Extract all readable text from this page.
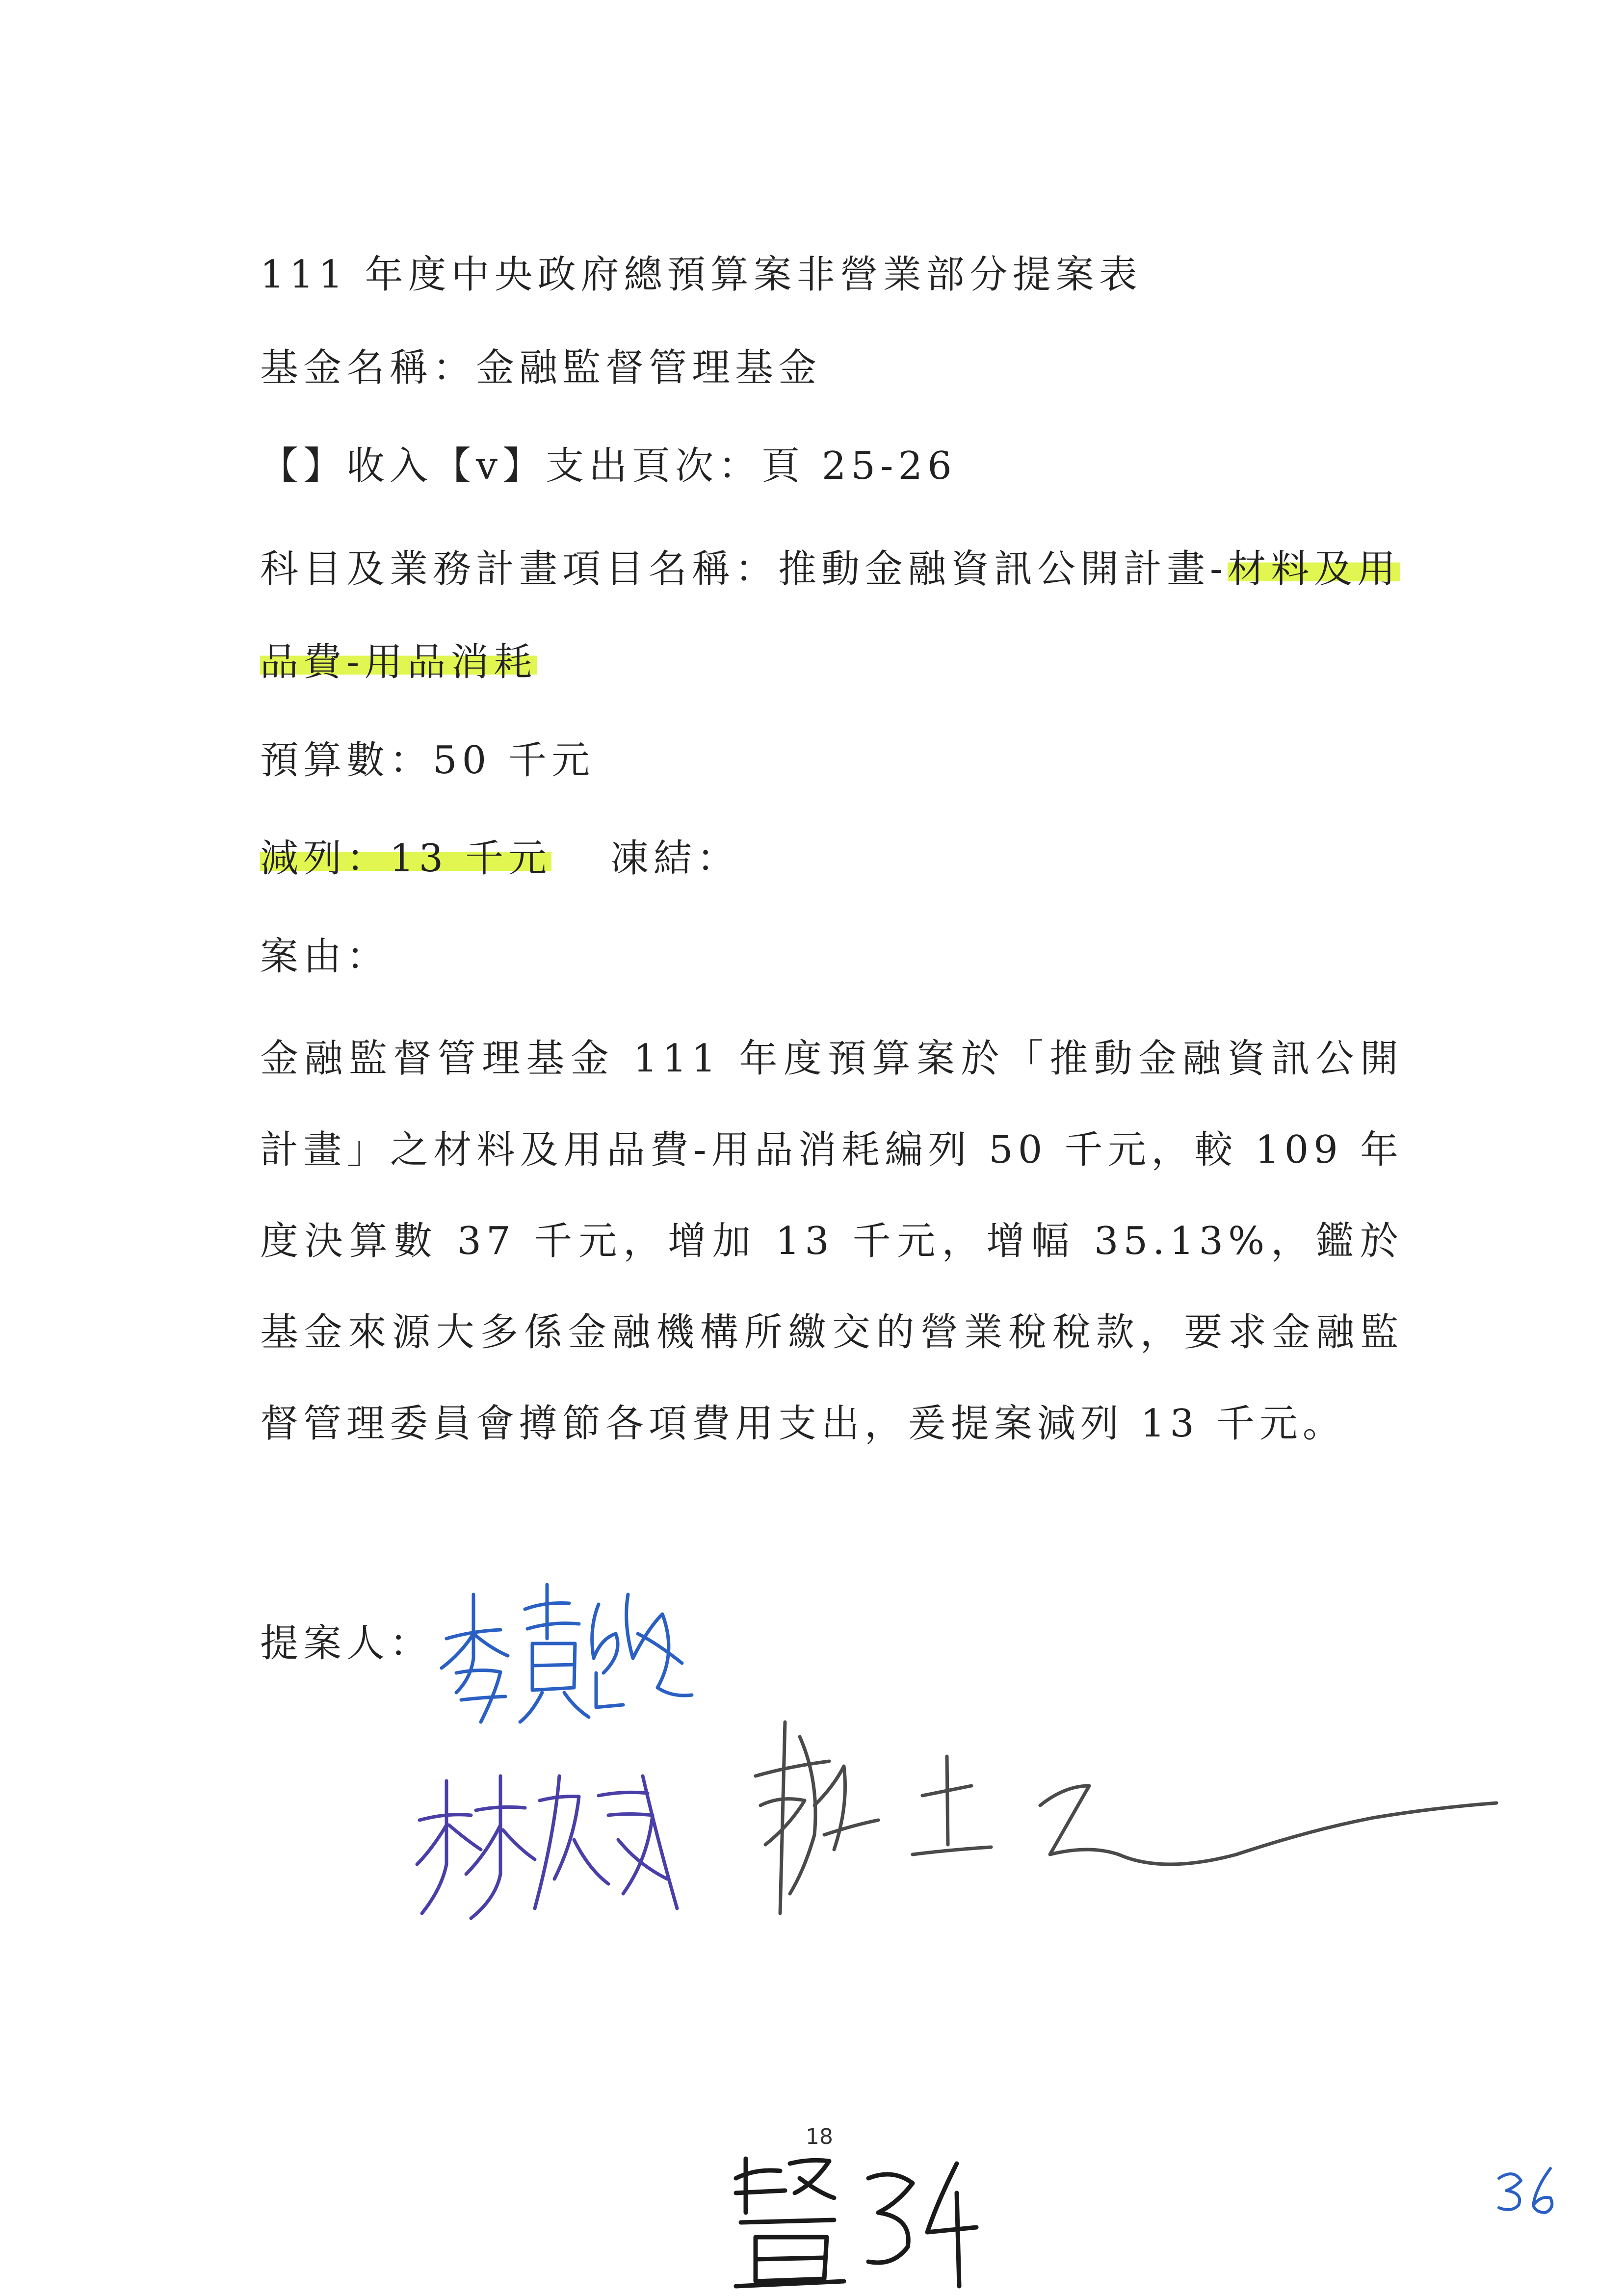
111 年度中央政府總預算案非營業部分提案表
基金名稱：金融監督管理基金
【】收入【v】支出頁次：頁 25-26
科目及業務計畫項目名稱：推動金融資訊公開計畫-材料及用
品費-用品消耗
預算數：50 千元
減列：13 千元 凍結：
案由：
金融監督管理基金 111 年度預算案於「推動金融資訊公開計畫」之材料及用品費-用品消耗編列 50 千元，較 109 年度決算數 37 千元，增加 13 千元，增幅 35.13%，鑑於基金來源大多係金融機構所繳交的營業稅稅款，要求金融監督管理委員會撙節各項費用支出，爰提案減列 13 千元。
提案人：
18
